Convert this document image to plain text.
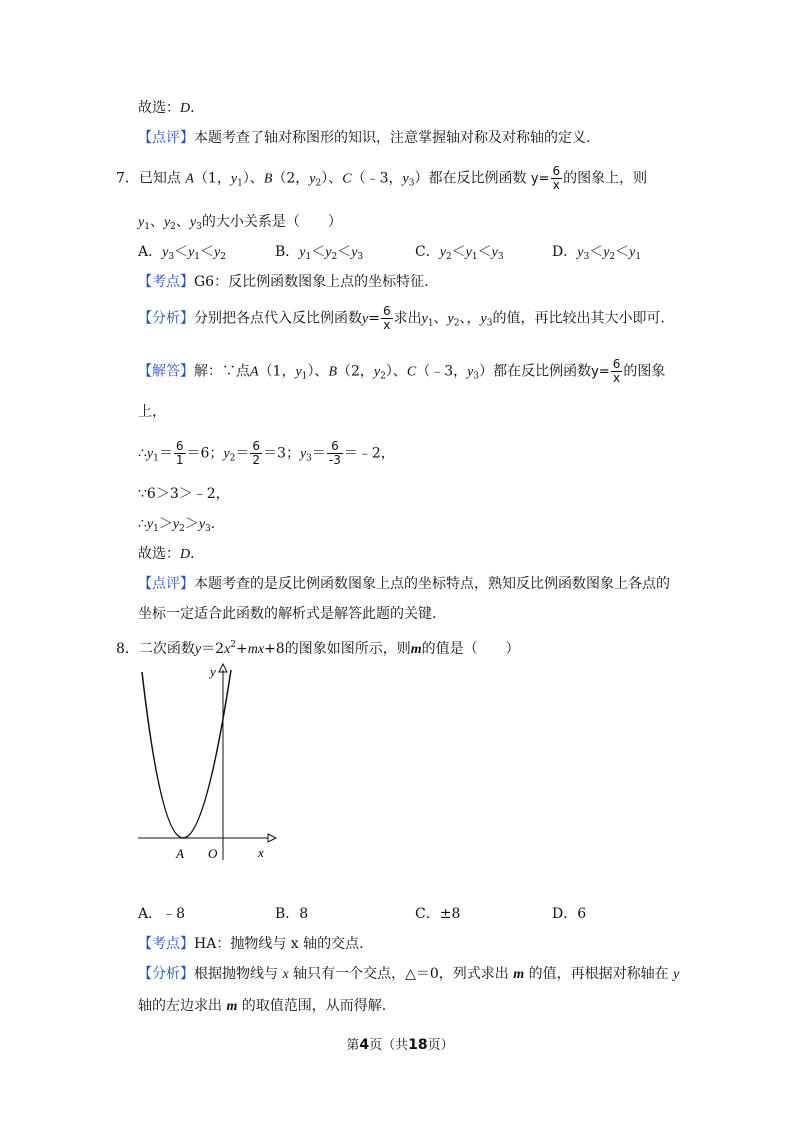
故选：D.
【点评】本题考查了轴对称图形的知识，注意掌握轴对称及对称轴的定义.
7．已知点 A（1，$y_1$）、B（2，$y_2$）、C（﹣3，$y_3$）都在反比例函数 $y= \frac{6}{x}$ 的图象上，则
$y_1$、$y_2$、$y_3$的大小关系是（　　）
A．$y_3<y_1<y_2$	B．$y_1<y_2<y_3$	C．$y_2<y_1<y_3$	D．$y_3<y_2<y_1$
【考点】G6：反比例函数图象上点的坐标特征.
【分析】分别把各点代入反比例函数$y= \frac{6}{x}$ 求出$y_1$、$y_2$、，$y_3$的值，再比较出其大小即可.
【解答】解：∵点A（1，$y_1$）、B（2，$y_2$）、C（﹣3，$y_3$）都在反比例函数$y= \frac{6}{x}$ 的图象
上，
$\therefore y_1= \frac{6}{1} =6$；$y_2= \frac{6}{2} =3$；$y_3= \frac{6}{-3}$ ＝﹣2，
∵6＞3＞﹣2，
$\therefore y_1>y_2>y_3$.
故选：D.
【点评】本题考查的是反比例函数图象上点的坐标特点，熟知反比例函数图象上各点的
坐标一定适合此函数的解析式是解答此题的关键.
8．二次函数$y=2x^2+mx+8$的图象如图所示，则m的值是（　　）
y
x
A O
A．﹣8	B．8	C．±8	D．6
【考点】HA：抛物线与 x 轴的交点.
【分析】根据抛物线与 x 轴只有一个交点，△＝0，列式求出 m 的值，再根据对称轴在 y
轴的左边求出 m 的取值范围，从而得解.
第4页（共18页）
